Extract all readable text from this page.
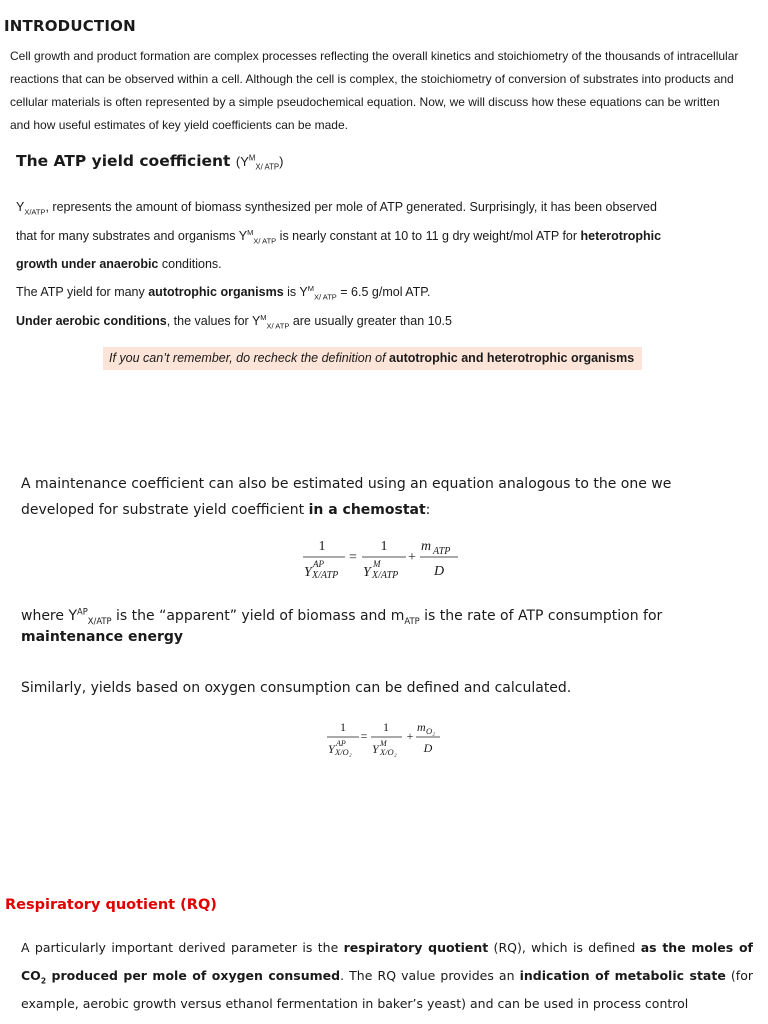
INTRODUCTION
Cell growth and product formation are complex processes reflecting the overall kinetics and stoichiometry of the thousands of intracellular reactions that can be observed within a cell. Although the cell is complex, the stoichiometry of conversion of substrates into products and cellular materials is often represented by a simple pseudochemical equation. Now, we will discuss how these equations can be written and how useful estimates of key yield coefficients can be made.
The ATP yield coefficient $(Y^M_{X/ ATP})$
$Y_{X/ATP}$, represents the amount of biomass synthesized per mole of ATP generated. Surprisingly, it has been observed
that for many substrates and organisms $Y^M_{X/ ATP}$ is nearly constant at 10 to 11 g dry weight/mol ATP for heterotrophic
growth under anaerobic conditions.
The ATP yield for many autotrophic organisms is $Y^M_{X/ ATP} = 6.5$ g/mol ATP.
Under aerobic conditions, the values for $Y^M_{X/ ATP}$ are usually greater than 10.5
If you can’t remember, do recheck the definition of autotrophic and heterotrophic organisms
A maintenance coefficient can also be estimated using an equation analogous to the one we
developed for substrate yield coefficient in a chemostat:
1
Y
AP
X/ATP
=
1
Y
M
X/ATP
+
m ATP
D
where $Y^{AP}_{X/ATP}$ is the “apparent” yield of biomass and $m_{ATP}$ is the rate of ATP consumption for
maintenance energy
Similarly, yields based on oxygen consumption can be defined and calculated.
1
Y AP
X/O₂
=
1
Y M
X/O₂
+
m O₂
D
Respiratory quotient (RQ)
A particularly important derived parameter is the respiratory quotient (RQ), which is defined as the moles of $CO_2$ produced per mole of oxygen consumed. The RQ value provides an indication of metabolic state (for example, aerobic growth versus ethanol fermentation in baker’s yeast) and can be used in process control
